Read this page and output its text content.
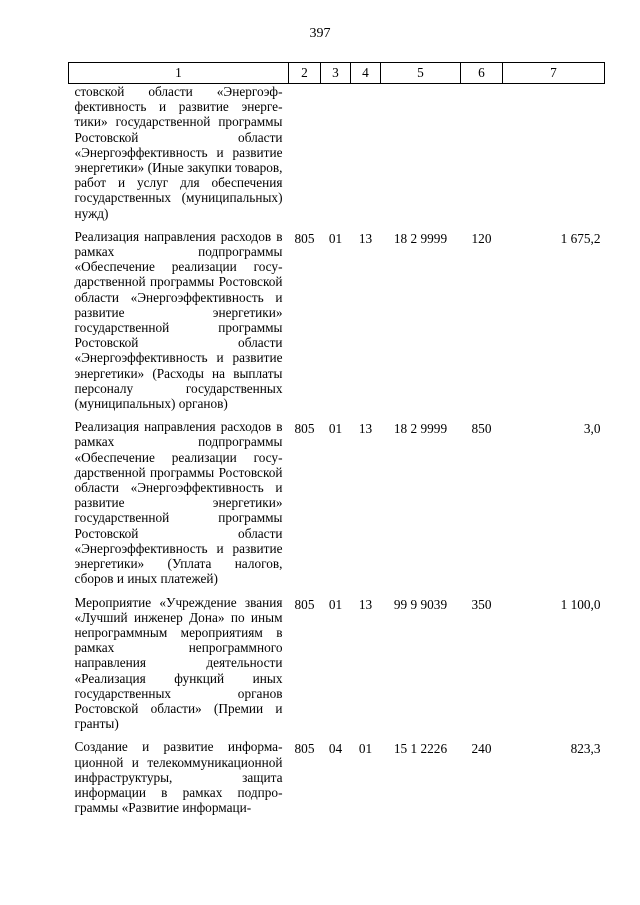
397
1	2	3	4	5	6	7
стовской области «Энергоэффективность и развитие энергетики» государственной программы Ростовской области «Энергоэффективность и развитие энергетики» (Иные закупки товаров, работ и услуг для обеспечения государственных (муниципальных) нужд)						
Реализация направления расходов в рамках подпрограммы «Обеспечение реализации государственной программы Ростовской области «Энергоэффективность и развитие энергетики» государственной программы Ростовской области «Энергоэффективность и развитие энергетики» (Расходы на выплаты персоналу государственных (муниципальных) органов)	805	01	13	18 2 9999	120	1 675,2
Реализация направления расходов в рамках подпрограммы «Обеспечение реализации государственной программы Ростовской области «Энергоэффективность и развитие энергетики» государственной программы Ростовской области «Энергоэффективность и развитие энергетики» (Уплата налогов, сборов и иных платежей)	805	01	13	18 2 9999	850	3,0
Мероприятие «Учреждение звания «Лучший инженер Дона» по иным непрограммным мероприятиям в рамках непрограммного направления деятельности «Реализация функций иных государственных органов Ростовской области» (Премии и гранты)	805	01	13	99 9 9039	350	1 100,0
Создание и развитие информационной и телекоммуникационной инфраструктуры, защита информации в рамках подпрограммы «Развитие информаци-	805	04	01	15 1 2226	240	823,3
